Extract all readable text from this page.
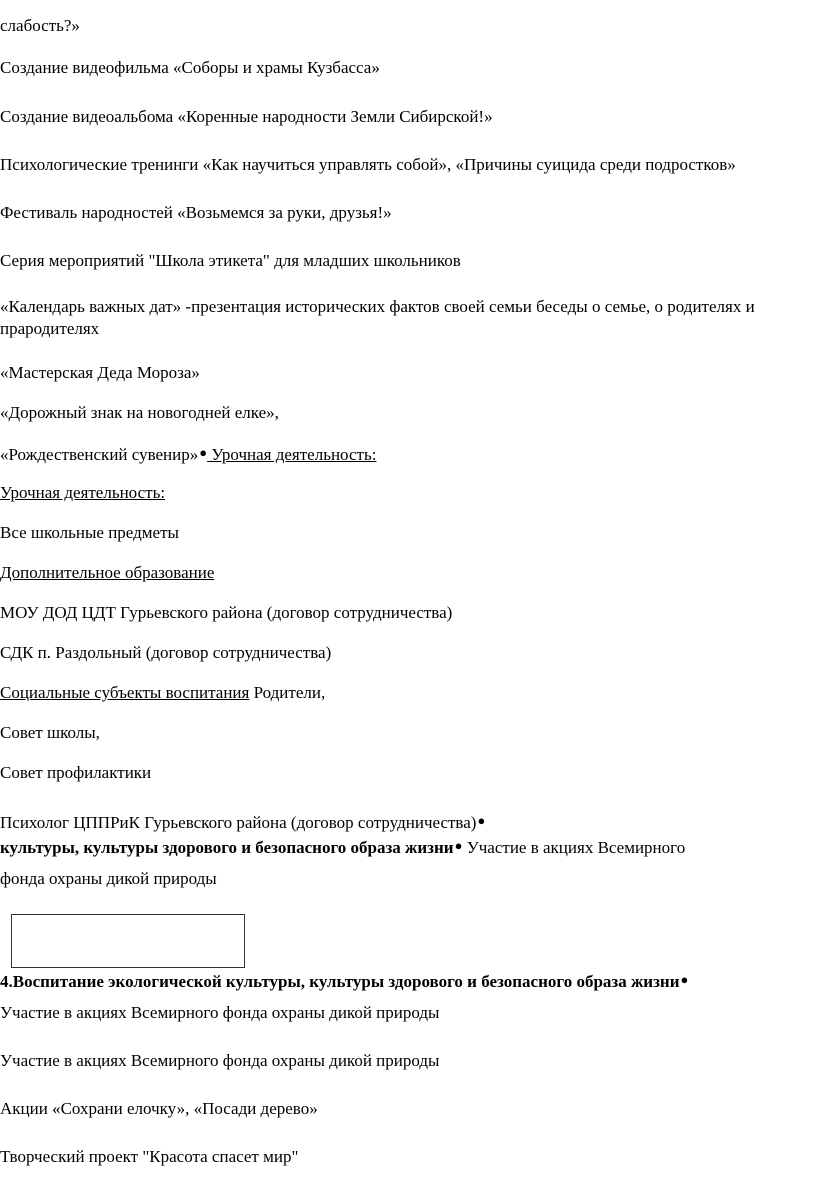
слабость?»
Создание видеофильма «Соборы и храмы Кузбасса»
Создание видеоальбома «Коренные народности Земли Сибирской!»
Психологические тренинги «Как научиться управлять собой», «Причины суицида среди подростков»
Фестиваль народностей «Возьмемся за руки, друзья!»
Серия мероприятий "Школа этикета" для младших школьников
«Календарь важных дат» -презентация исторических фактов своей семьи беседы о семье, о родителях и прародителях
«Мастерская Деда Мороза»
«Дорожный знак на новогодней елке»,
«Рождественский сувенир»● Урочная деятельность:
Урочная деятельность:
Все школьные предметы
Дополнительное образование
МОУ ДОД ЦДТ Гурьевского района (договор сотрудничества)
СДК п. Раздольный (договор сотрудничества)
Социальные субъекты воспитания Родители,
Совет школы,
Совет профилактики
Психолог ЦППРиК Гурьевского района (договор сотрудничества)●
культуры, культуры здорового и безопасного образа жизни● Участие в акциях Всемирного
фонда охраны дикой природы
4.Воспитание экологической культуры, культуры здорового и безопасного образа жизни●
Участие в акциях Всемирного фонда охраны дикой природы
Участие в акциях Всемирного фонда охраны дикой природы
Акции «Сохрани елочку», «Посади дерево»
Творческий проект "Красота спасет мир"
